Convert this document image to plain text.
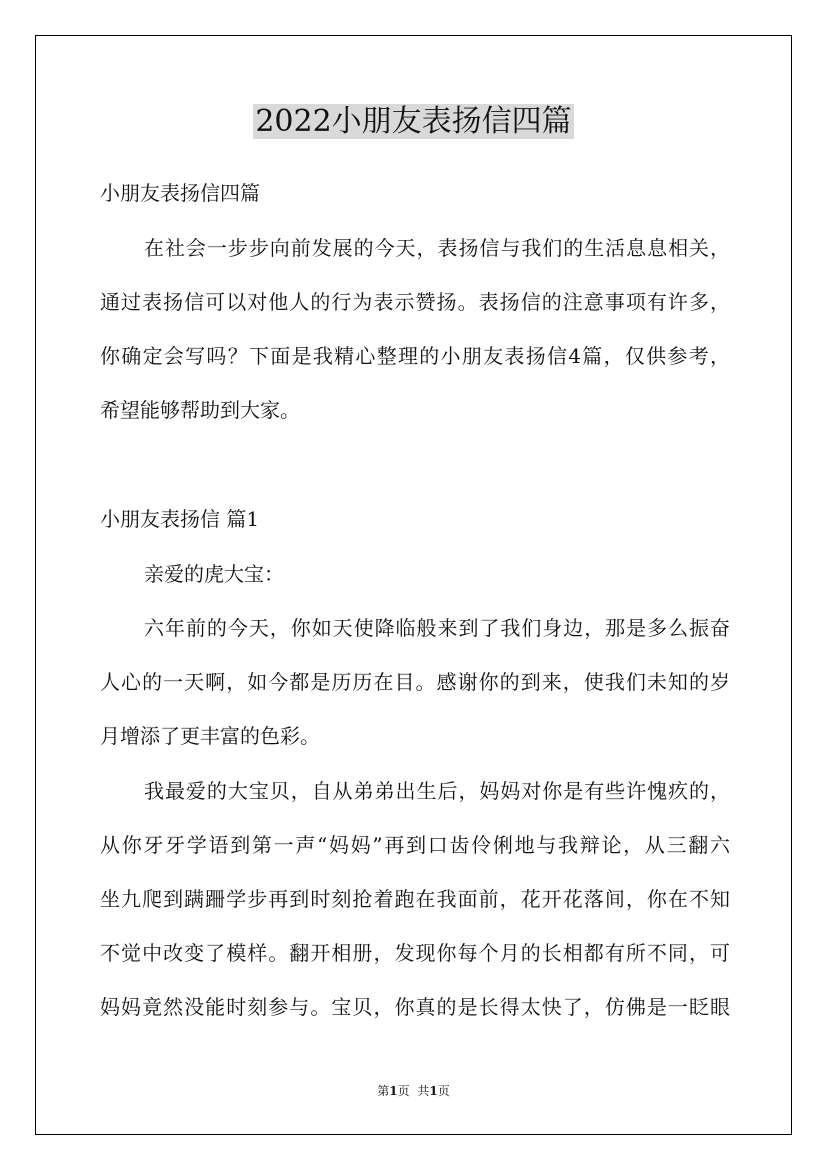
2022小朋友表扬信四篇
小朋友表扬信四篇
在社会一步步向前发展的今天，表扬信与我们的生活息息相关，
通过表扬信可以对他人的行为表示赞扬。表扬信的注意事项有许多，
你确定会写吗？下面是我精心整理的小朋友表扬信4篇，仅供参考，
希望能够帮助到大家。
小朋友表扬信 篇1
亲爱的虎大宝：
六年前的今天，你如天使降临般来到了我们身边，那是多么振奋
人心的一天啊，如今都是历历在目。感谢你的到来，使我们未知的岁
月增添了更丰富的色彩。
我最爱的大宝贝，自从弟弟出生后，妈妈对你是有些许愧疚的，
从你牙牙学语到第一声“妈妈”再到口齿伶俐地与我辩论，从三翻六
坐九爬到蹒跚学步再到时刻抢着跑在我面前，花开花落间，你在不知
不觉中改变了模样。翻开相册，发现你每个月的长相都有所不同，可
妈妈竟然没能时刻参与。宝贝，你真的是长得太快了，仿佛是一眨眼
第1页 共1页
